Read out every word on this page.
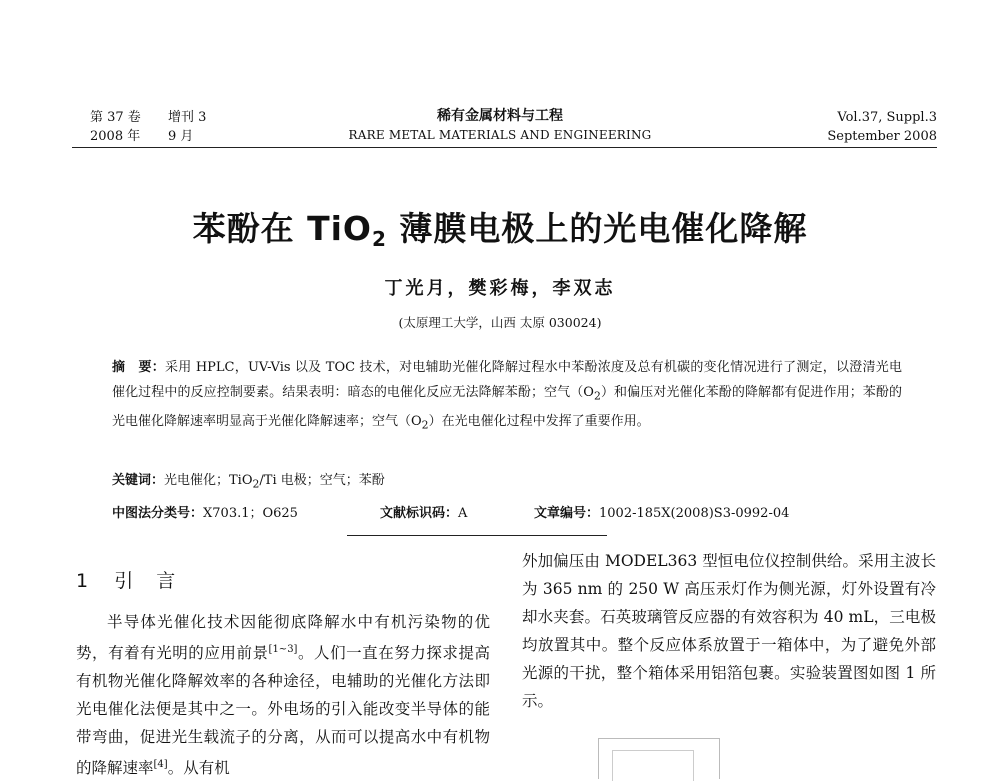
第 37 卷 增刊 3
2008 年 9 月
稀有金属材料与工程
RARE METAL MATERIALS AND ENGINEERING
Vol.37, Suppl.3
September 2008
苯酚在 TiO$_2$ 薄膜电极上的光电催化降解
丁光月，樊彩梅，李双志
(太原理工大学，山西 太原 030024)
摘　要：采用 HPLC，UV-Vis 以及 TOC 技术，对电辅助光催化降解过程水中苯酚浓度及总有机碳的变化情况进行了测定，以澄清光电催化过程中的反应控制要素。结果表明：暗态的电催化反应无法降解苯酚；空气$(O_2)$和偏压对光催化苯酚的降解都有促进作用；苯酚的光电催化降解速率明显高于光催化降解速率；空气$(O_2)$在光电催化过程中发挥了重要作用。
关键词：光电催化；TiO$_2$/Ti 电极；空气；苯酚
中图法分类号：X703.1；O625	文献标识码：A	文章编号：1002-185X(2008)S3-0992-04
1 引　言
半导体光催化技术因能彻底降解水中有机污染物的优势，有着有光明的应用前景[1~3]。人们一直在努力探求提高有机物光催化降解效率的各种途径，电辅助的光催化方法即光电催化法便是其中之一。外电场的引入能改变半导体的能带弯曲，促进光生载流子的分离，从而可以提高水中有机物的降解速率[4]。从有机
外加偏压由 MODEL363 型恒电位仪控制供给。采用主波长为 365 nm 的 250 W 高压汞灯作为侧光源，灯外设置有冷却水夹套。石英玻璃管反应器的有效容积为 40 mL，三电极均放置其中。整个反应体系放置于一箱体中，为了避免外部光源的干扰，整个箱体采用铝箔包裹。实验装置图如图 1 所示。
